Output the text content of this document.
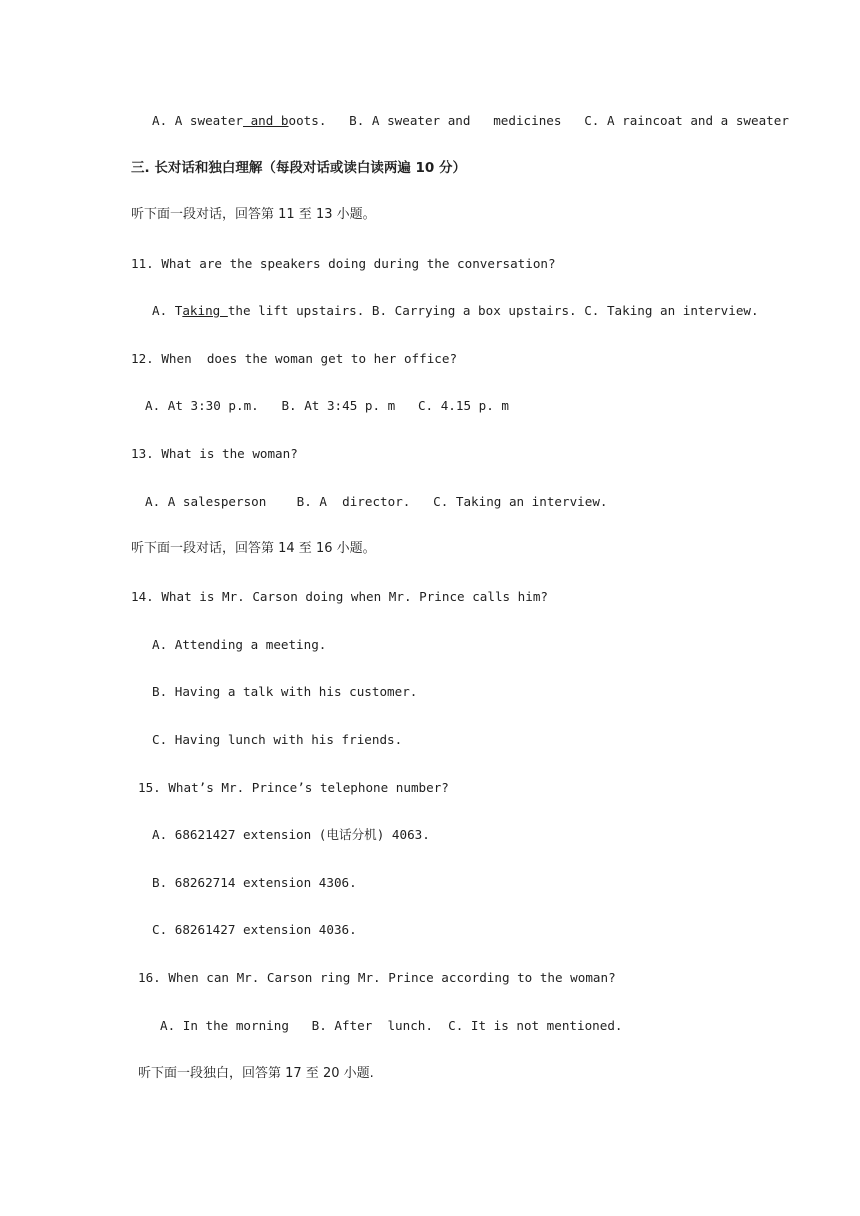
A. A sweater and boots.   B. A sweater and   medicines   C. A raincoat and a sweater
三. 长对话和独白理解（每段对话或读白读两遍 10 分）
听下面一段对话，回答第 11 至 13 小题。
11. What are the speakers doing during the conversation?
A. Taking the lift upstairs. B. Carrying a box upstairs. C. Taking an interview.
12. When  does the woman get to her office?
A. At 3:30 p.m.   B. At 3:45 p. m   C. 4.15 p. m
13. What is the woman?
A. A salesperson    B. A  director.   C. Taking an interview.
听下面一段对话，回答第 14 至 16 小题。
14. What is Mr. Carson doing when Mr. Prince calls him?
A. Attending a meeting.
B. Having a talk with his customer.
C. Having lunch with his friends.
15. What’s Mr. Prince’s telephone number?
A. 68621427 extension (电话分机) 4063.
B. 68262714 extension 4306.
C. 68261427 extension 4036.
16. When can Mr. Carson ring Mr. Prince according to the woman?
A. In the morning   B. After  lunch.  C. It is not mentioned.
听下面一段独白，回答第 17 至 20 小题.
